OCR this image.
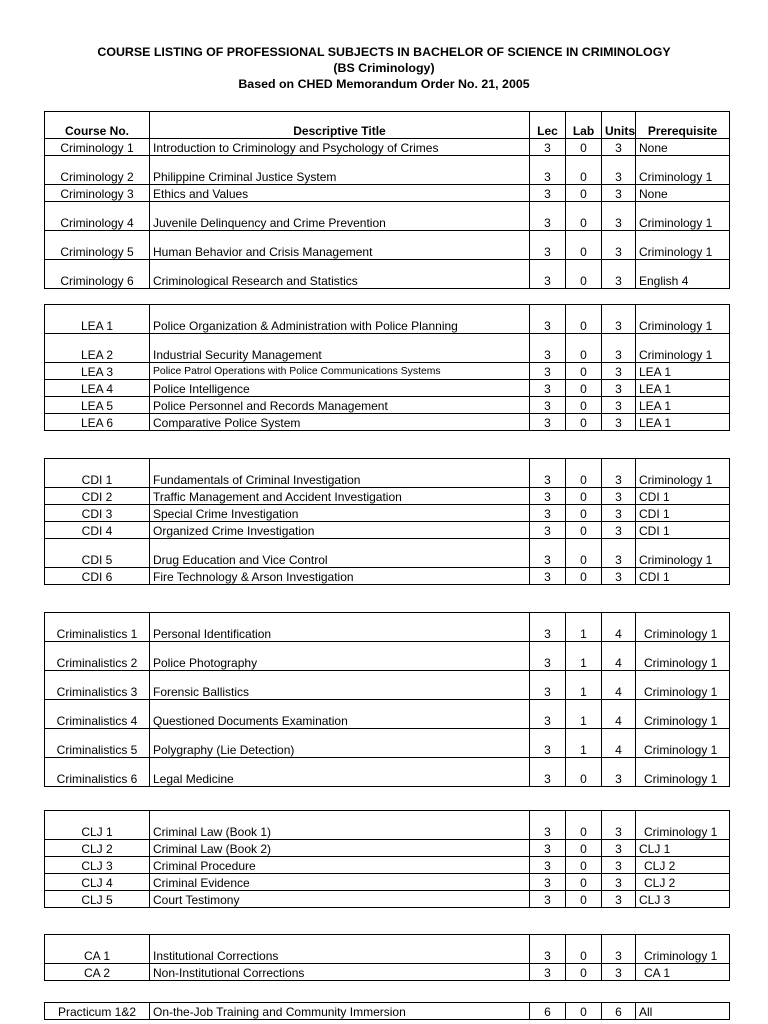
COURSE LISTING OF PROFESSIONAL SUBJECTS IN BACHELOR OF SCIENCE IN CRIMINOLOGY
(BS Criminology)
Based on CHED Memorandum Order No. 21, 2005
Course No.	Descriptive Title	Lec	Lab	Units	Prerequisite
Criminology 1	Introduction to Criminology and Psychology of Crimes	3	0	3	None
Criminology 2	Philippine Criminal Justice System	3	0	3	Criminology 1
Criminology 3	Ethics and Values	3	0	3	None
Criminology 4	Juvenile Delinquency and Crime Prevention	3	0	3	Criminology 1
Criminology 5	Human Behavior and Crisis Management	3	0	3	Criminology 1
Criminology 6	Criminological Research and Statistics	3	0	3	English 4
LEA 1	Police Organization & Administration with Police Planning	3	0	3	Criminology 1
LEA 2	Industrial Security Management	3	0	3	Criminology 1
LEA 3	Police Patrol Operations with Police Communications Systems	3	0	3	LEA 1
LEA 4	Police Intelligence	3	0	3	LEA 1
LEA 5	Police Personnel and Records Management	3	0	3	LEA 1
LEA 6	Comparative Police System	3	0	3	LEA 1
CDI 1	Fundamentals of Criminal Investigation	3	0	3	Criminology 1
CDI 2	Traffic Management and Accident Investigation	3	0	3	CDI 1
CDI 3	Special Crime Investigation	3	0	3	CDI 1
CDI 4	Organized Crime Investigation	3	0	3	CDI 1
CDI 5	Drug Education and Vice Control	3	0	3	Criminology 1
CDI 6	Fire Technology & Arson Investigation	3	0	3	CDI 1
Criminalistics 1	Personal Identification	3	1	4	Criminology 1
Criminalistics 2	Police Photography	3	1	4	Criminology 1
Criminalistics 3	Forensic Ballistics	3	1	4	Criminology 1
Criminalistics 4	Questioned Documents Examination	3	1	4	Criminology 1
Criminalistics 5	Polygraphy (Lie Detection)	3	1	4	Criminology 1
Criminalistics 6	Legal Medicine	3	0	3	Criminology 1
CLJ 1	Criminal Law (Book 1)	3	0	3	Criminology 1
CLJ 2	Criminal Law (Book 2)	3	0	3	CLJ 1
CLJ 3	Criminal Procedure	3	0	3	CLJ 2
CLJ 4	Criminal Evidence	3	0	3	CLJ 2
CLJ 5	Court Testimony	3	0	3	CLJ 3
CA 1	Institutional Corrections	3	0	3	Criminology 1
CA 2	Non-Institutional Corrections	3	0	3	CA 1
Practicum 1&2	On-the-Job Training and Community Immersion	6	0	6	All
